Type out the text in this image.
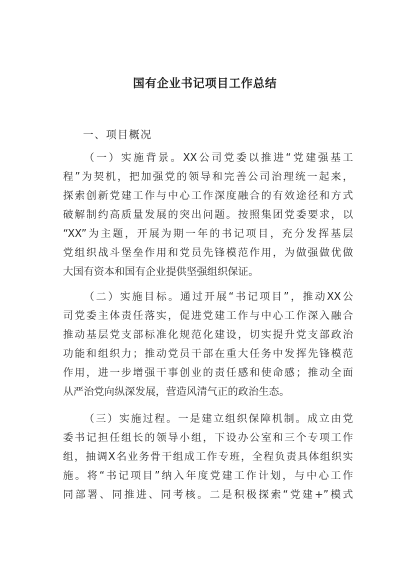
国有企业书记项目工作总结
一、项目概况
（一）实施背景。XX公司党委以推进“党建强基工
程”为契机，把加强党的领导和完善公司治理统一起来，
探索创新党建工作与中心工作深度融合的有效途径和方式
破解制约高质量发展的突出问题。按照集团党委要求，以
“XX”为主题，开展为期一年的书记项目，充分发挥基层
党组织战斗堡垒作用和党员先锋模范作用，为做强做优做
大国有资本和国有企业提供坚强组织保证。
（二）实施目标。通过开展“书记项目”，推动XX公
司党委主体责任落实，促进党建工作与中心工作深入融合
推动基层党支部标准化规范化建设，切实提升党支部政治
功能和组织力；推动党员干部在重大任务中发挥先锋模范
作用，进一步增强干事创业的责任感和使命感；推动全面
从严治党向纵深发展，营造风清气正的政治生态。
（三）实施过程。一是建立组织保障机制。成立由党
委书记担任组长的领导小组，下设办公室和三个专项工作
组，抽调X名业务骨干组成工作专班，全程负责具体组织实
施。将“书记项目”纳入年度党建工作计划，与中心工作
同部署、同推进、同考核。二是积极探索“党建+”模式
